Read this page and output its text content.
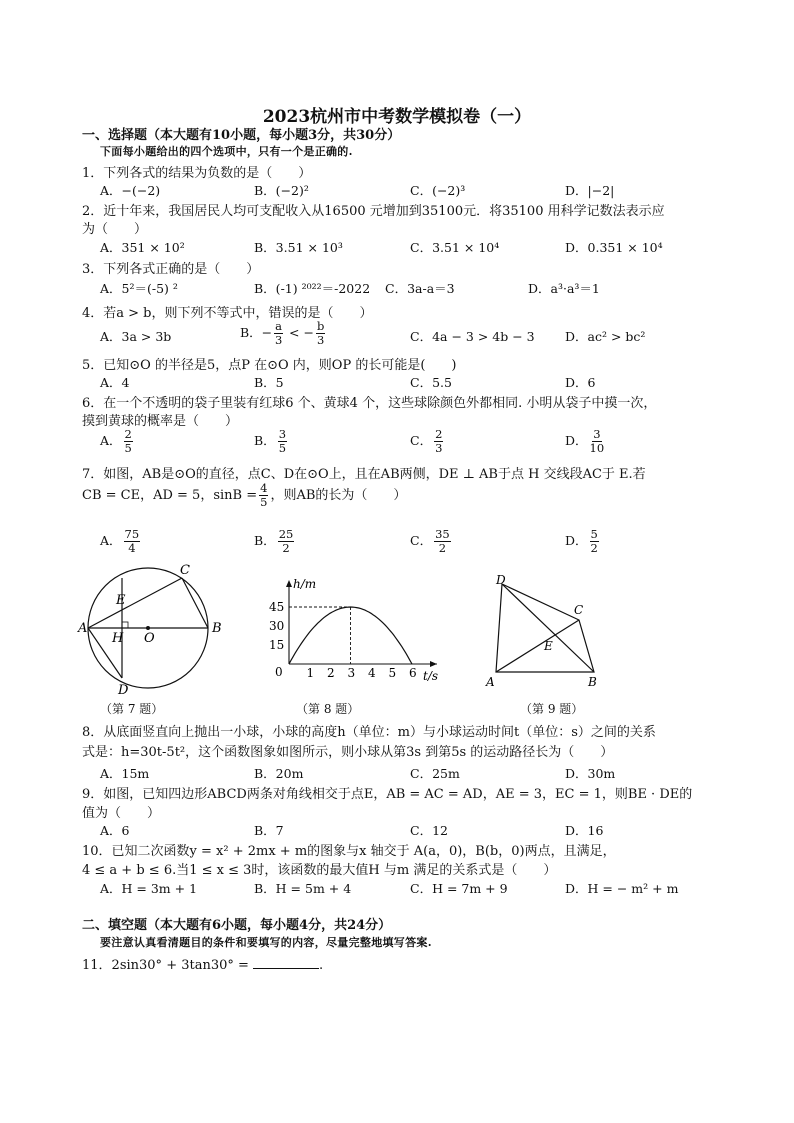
2023杭州市中考数学模拟卷（一）
一、选择题（本大题有10小题，每小题3分，共30分）
下面每小题给出的四个选项中，只有一个是正确的.
1．下列各式的结果为负数的是（　　）
A．−(−2)	B．(−2)²	C．(−2)³	D．|−2|
2．近十年来，我国居民人均可支配收入从16500 元增加到35100元．将35100 用科学记数法表示应
为（　　）
A．351 × 10²	B．3.51 × 10³	C．3.51 × 10⁴	D．0.351 × 10⁴
3．下列各式正确的是（　　）
A．5²＝(-5) ²	B．(-1) ²⁰²²＝-2022 C．3a-a＝3	D．a³·a³＝1
4．若a > b，则下列不等式中，错误的是（　　）
A．3a > 3b	B．− $\frac{a}{3}$ < − $\frac{b}{3}$	C．4a − 3 > 4b − 3 D．ac² > bc²
5．已知⊙O 的半径是5，点P 在⊙O 内，则OP 的长可能是(　　)
A．4	B．5	C．5.5	D．6
6．在一个不透明的袋子里装有红球6 个、黄球4 个，这些球除颜色外都相同. 小明从袋子中摸一次，
摸到黄球的概率是（　　）
A． $\frac{2}{5}$	B． $\frac{3}{5}$	C． $\frac{2}{3}$	D． $\frac{3}{10}$
7．如图，AB是⊙O的直径，点C、D在⊙O上，且在AB两侧，DE ⊥ AB于点 H 交线段AC于 E.若
CB = CE，AD = 5，$\sin B = \frac{4}{5}$ ，则AB的长为（　　）
A． $\frac{75}{4}$	B． $\frac{25}{2}$	C． $\frac{35}{2}$	D． $\frac{5}{2}$
A	B
C
D
E
H O
（第 7 题）
h/m
t/s
0 1 2 3 4 5 6
45
30
15
（第 8 题）
A	B
C
D
E
（第 9 题）
8．从底面竖直向上抛出一小球，小球的高度h（单位：m）与小球运动时间t（单位：s）之间的关系
式是：h=30t-5t²，这个函数图象如图所示，则小球从第3s 到第5s 的运动路径长为（　　）
A．15m	B．20m	C．25m	D．30m
9．如图，已知四边形ABCD两条对角线相交于点E，AB = AC = AD，AE = 3，EC = 1，则BE · DE的
值为（　　）
A．6	B．7	C．12	D．16
10．已知二次函数y = x² + 2mx + m的图象与x 轴交于 A(a，0)，B(b，0)两点，且满足，
4 ≤ a + b ≤ 6.当1 ≤ x ≤ 3时，该函数的最大值H 与m 满足的关系式是（　　）
A．H = 3m + 1	B．H = 5m + 4	C．H = 7m + 9	D．H = − m² + m
二、填空题（本大题有6小题，每小题4分，共24分）
要注意认真看清题目的条件和要填写的内容，尽量完整地填写答案.
11．2sin30° + 3tan30° =	.
